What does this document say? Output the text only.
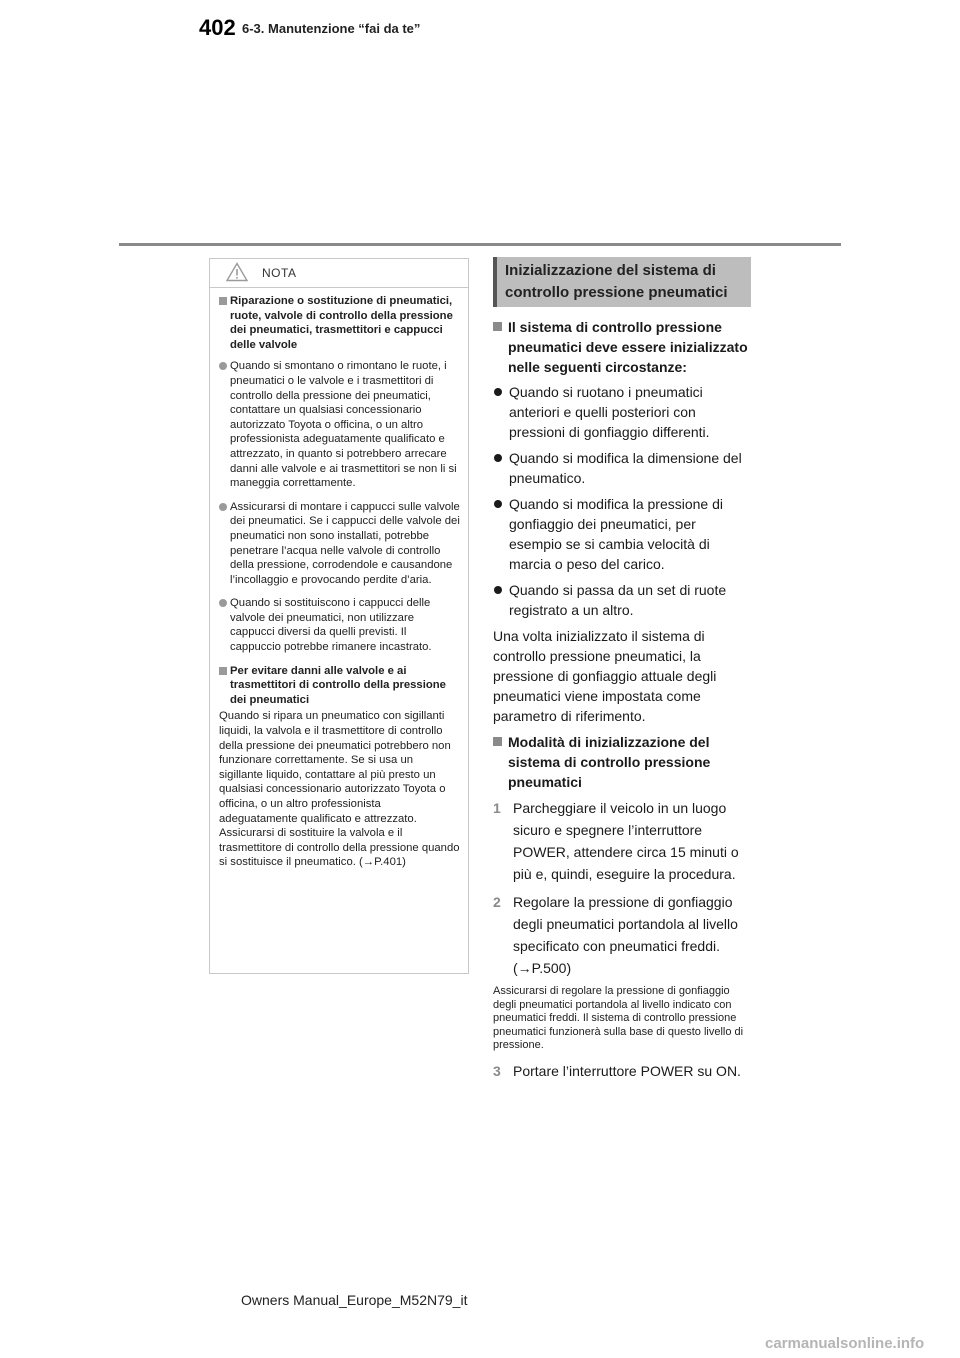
402 6-3. Manutenzione “fai da te”
NOTA

Riparazione o sostituzione di pneumatici, ruote, valvole di controllo della pressione dei pneumatici, trasmettitori e cappucci delle valvole

Quando si smontano o rimontano le ruote, i pneumatici o le valvole e i trasmettitori di controllo della pressione dei pneumatici, contattare un qualsiasi concessionario autorizzato Toyota o officina, o un altro professionista adeguatamente qualificato e attrezzato, in quanto si potrebbero arrecare danni alle valvole e ai trasmettitori se non li si maneggia correttamente.

Assicurarsi di montare i cappucci sulle valvole dei pneumatici. Se i cappucci delle valvole dei pneumatici non sono installati, potrebbe penetrare l’acqua nelle valvole di controllo della pressione, corrodendole e causandone l’incollaggio e provocando perdite d’aria.

Quando si sostituiscono i cappucci delle valvole dei pneumatici, non utilizzare cappucci diversi da quelli previsti. Il cappuccio potrebbe rimanere incastrato.

Per evitare danni alle valvole e ai trasmettitori di controllo della pressione dei pneumatici

Quando si ripara un pneumatico con sigillanti liquidi, la valvola e il trasmettitore di controllo della pressione dei pneumatici potrebbero non funzionare correttamente. Se si usa un sigillante liquido, contattare al più presto un qualsiasi concessionario autorizzato Toyota o officina, o un altro professionista adeguatamente qualificato e attrezzato. Assicurarsi di sostituire la valvola e il trasmettitore di controllo della pressione quando si sostituisce il pneumatico. (→P.401)

Inizializzazione del sistema di controllo pressione pneumatici

Il sistema di controllo pressione pneumatici deve essere inizializzato nelle seguenti circostanze:

Quando si ruotano i pneumatici anteriori e quelli posteriori con pressioni di gonfiaggio differenti.

Quando si modifica la dimensione del pneumatico.

Quando si modifica la pressione di gonfiaggio dei pneumatici, per esempio se si cambia velocità di marcia o peso del carico.

Quando si passa da un set di ruote registrato a un altro.

Una volta inizializzato il sistema di controllo pressione pneumatici, la pressione di gonfiaggio attuale degli pneumatici viene impostata come parametro di riferimento.

Modalità di inizializzazione del sistema di controllo pressione pneumatici

1 Parcheggiare il veicolo in un luogo sicuro e spegnere l’interruttore POWER, attendere circa 15 minuti o più e, quindi, eseguire la procedura.

2 Regolare la pressione di gonfiaggio degli pneumatici portandola al livello specificato con pneumatici freddi. (→P.500)

Assicurarsi di regolare la pressione di gonfiaggio degli pneumatici portandola al livello indicato con pneumatici freddi. Il sistema di controllo pressione pneumatici funzionerà sulla base di questo livello di pressione.

3 Portare l’interruttore POWER su ON.

Owners Manual_Europe_M52N79_it
carmanualsonline.info
